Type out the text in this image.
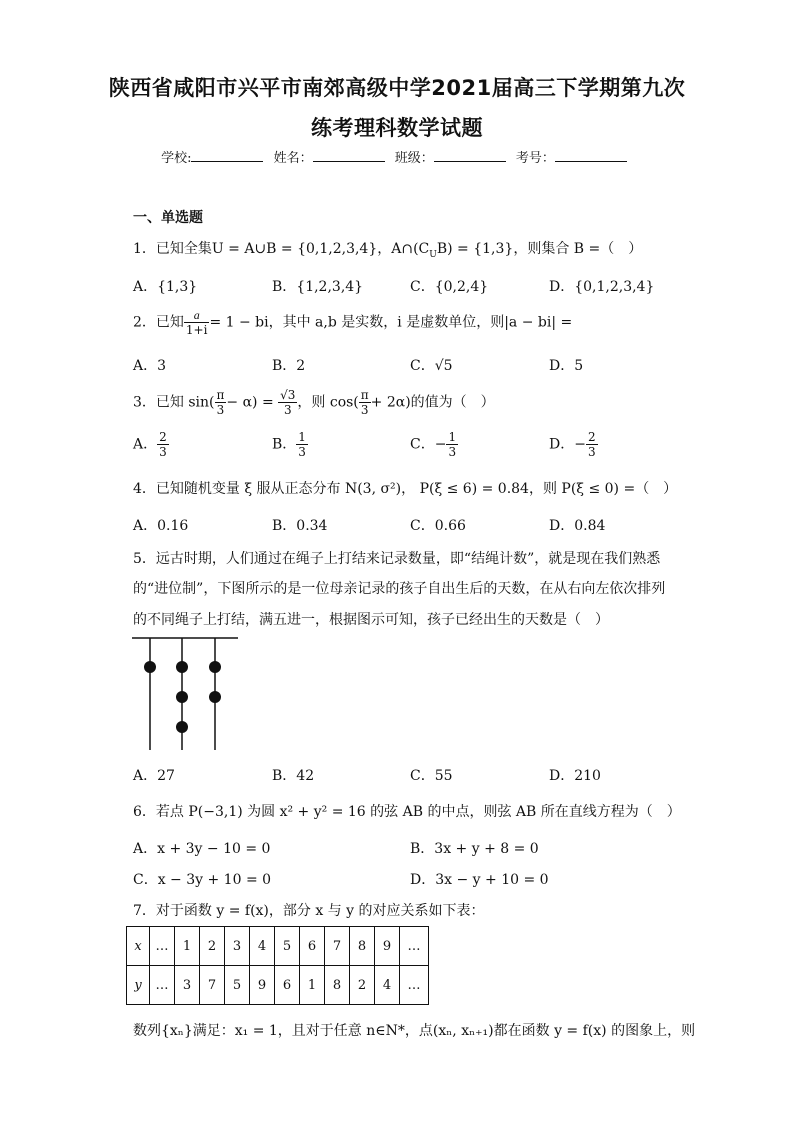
陕西省咸阳市兴平市南郊高级中学2021届高三下学期第九次
练考理科数学试题
学校:	姓名：	班级：	考号：
一、单选题
1．已知全集U = A∪B = {0,1,2,3,4}，$A\cap(C_UB) = \{1,3\}$，则集合 B =（　）
A．{1,3}	B．{1,2,3,4}	C．{0,2,4}	D．{0,1,2,3,4}
2．已知 $\frac{a}{1+i} = 1$ − bi，其中 a,b 是实数，i 是虚数单位，则|a − bi| =
A．3	B．2	C．√5	D．5
3．已知 $\sin( \frac{\pi}{3} - \alpha) = \frac{√3}{3}$ ，则 $\cos( \frac{\pi}{3} + 2\alpha)$的值为（　）
A． $\frac{2}{3}$	B． $\frac{1}{3}$	C．− $\frac{1}{3}$	D．− $\frac{2}{3}$
4．已知随机变量 ξ 服从正态分布 N(3, σ²)， P(ξ ≤ 6) = 0.84，则 P(ξ ≤ 0) =（　）
A．0.16	B．0.34	C．0.66	D．0.84
5．远古时期，人们通过在绳子上打结来记录数量，即“结绳计数”，就是现在我们熟悉
的“进位制”，下图所示的是一位母亲记录的孩子自出生后的天数，在从右向左依次排列
的不同绳子上打结，满五进一，根据图示可知，孩子已经出生的天数是（　）
A．27	B．42	C．55	D．210
6．若点 P(−3,1) 为圆 x² + y² = 16 的弦 AB 的中点，则弦 AB 所在直线方程为（　）
A．x + 3y − 10 = 0	B．3x + y + 8 = 0
C．x − 3y + 10 = 0	D．3x − y + 10 = 0
7．对于函数 y = f(x)，部分 x 与 y 的对应关系如下表：
x	…	1	2	3	4	5	6	7	8	9	…
y	…	3	7	5	9	6	1	8	2	4	…
数列{xₙ}满足：x₁ = 1，且对于任意 n∈N*，点(xₙ, xₙ₊₁)都在函数 y = f(x) 的图象上，则
